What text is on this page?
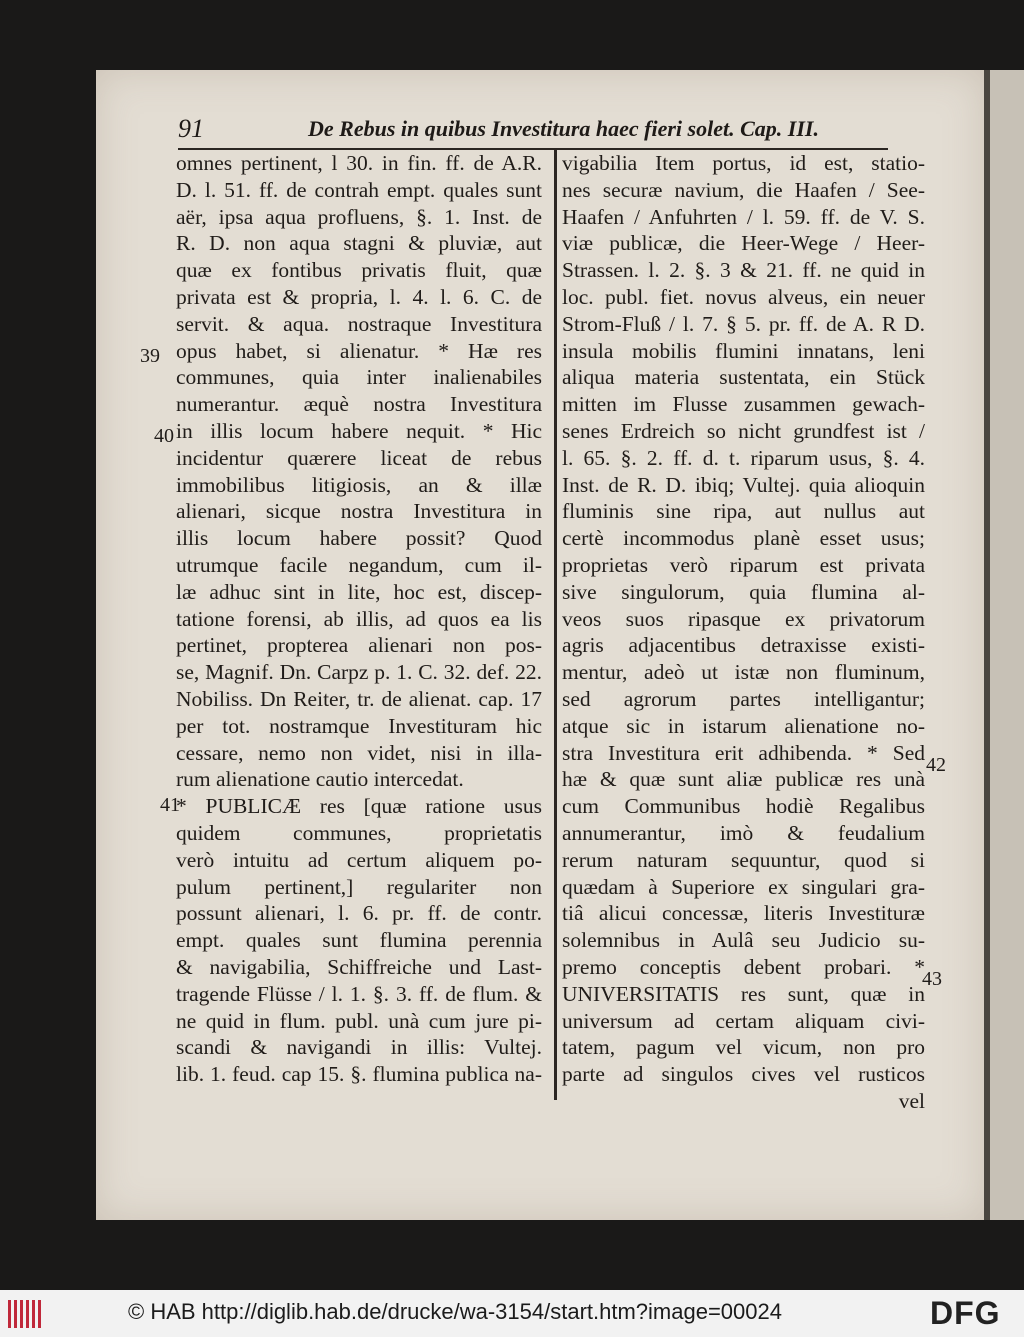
91	De Rebus in quibus Investitura haec fieri solet. Cap. III.
39
40
41
42
43
omnes pertinent, l 30. in fin. ff. de A.R.
D. l. 51. ff. de contrah empt. quales sunt
aër, ipsa aqua profluens, §. 1. Inst. de
R. D. non aqua stagni & pluviæ, aut
quæ ex fontibus privatis fluit, quæ
privata est & propria, l. 4. l. 6. C. de
servit. & aqua. nostraque Investitura
opus habet, si alienatur. * Hæ res
communes, quia inter inalienabiles
numerantur. æquè nostra Investitura
in illis locum habere nequit. * Hic
incidentur quærere liceat de rebus
immobilibus litigiosis, an & illæ
alienari, sicque nostra Investitura in
illis locum habere possit? Quod
utrumque facile negandum, cum il-
læ adhuc sint in lite, hoc est, discep-
tatione forensi, ab illis, ad quos ea lis
pertinet, propterea alienari non pos-
se, Magnif. Dn. Carpz p. 1. C. 32. def. 22.
Nobiliss. Dn Reiter, tr. de alienat. cap. 17
per tot. nostramque Investituram hic
cessare, nemo non videt, nisi in illa-
rum alienatione cautio intercedat.
* PUBLICÆ res [quæ ratione usus
quidem communes, proprietatis
verò intuitu ad certum aliquem po-
pulum pertinent,] regulariter non
possunt alienari, l. 6. pr. ff. de contr.
empt. quales sunt flumina perennia
& navigabilia, Schiffreiche und Last-
tragende Flüsse / l. 1. §. 3. ff. de flum. &
ne quid in flum. publ. unà cum jure pi-
scandi & navigandi in illis: Vultej.
lib. 1. feud. cap 15. §. flumina publica na-
vigabilia Item portus, id est, statio-
nes securæ navium, die Haafen / See-
Haafen / Anfuhrten / l. 59. ff. de V. S.
viæ publicæ, die Heer-Wege / Heer-
Strassen. l. 2. §. 3 & 21. ff. ne quid in
loc. publ. fiet. novus alveus, ein neuer
Strom-Fluß / l. 7. § 5. pr. ff. de A. R D.
insula mobilis flumini innatans, leni
aliqua materia sustentata, ein Stück
mitten im Flusse zusammen gewach-
senes Erdreich so nicht grundfest ist /
l. 65. §. 2. ff. d. t. riparum usus, §. 4.
Inst. de R. D. ibiq; Vultej. quia alioquin
fluminis sine ripa, aut nullus aut
certè incommodus planè esset usus;
proprietas verò riparum est privata
sive singulorum, quia flumina al-
veos suos ripasque ex privatorum
agris adjacentibus detraxisse existi-
mentur, adeò ut istæ non fluminum,
sed agrorum partes intelligantur;
atque sic in istarum alienatione no-
stra Investitura erit adhibenda. * Sed
hæ & quæ sunt aliæ publicæ res unà
cum Communibus hodiè Regalibus
annumerantur, imò & feudalium
rerum naturam sequuntur, quod si
quædam à Superiore ex singulari gra-
tiâ alicui concessæ, literis Investituræ
solemnibus in Aulâ seu Judicio su-
premo conceptis debent probari. *
UNIVERSITATIS res sunt, quæ in
universum ad certam aliquam civi-
tatem, pagum vel vicum, non pro
parte ad singulos cives vel rusticos
vel
© HAB http://diglib.hab.de/drucke/wa-3154/start.htm?image=00024	DFG
